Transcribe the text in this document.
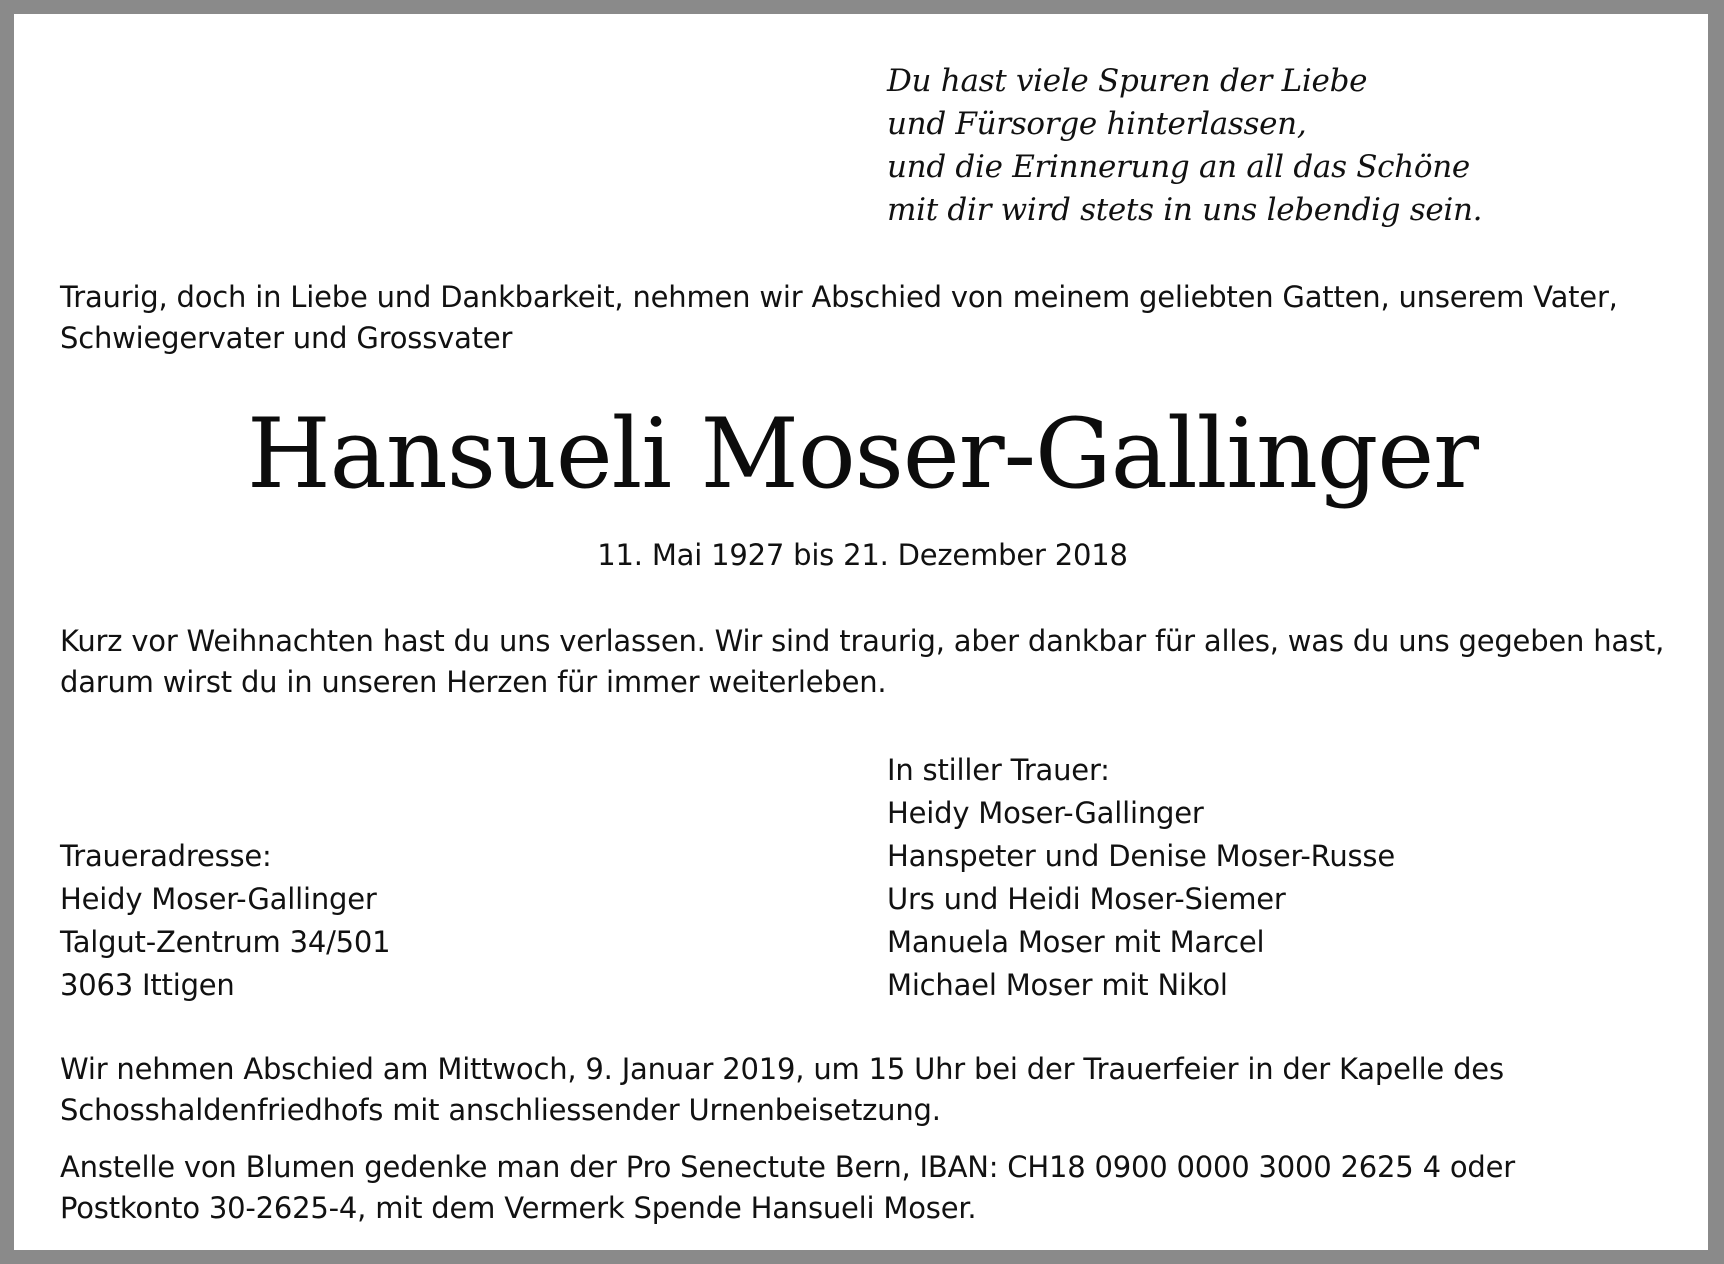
Du hast viele Spuren der Liebe
und Fürsorge hinterlassen,
und die Erinnerung an all das Schöne
mit dir wird stets in uns lebendig sein.
Traurig, doch in Liebe und Dankbarkeit, nehmen wir Abschied von meinem geliebten Gatten, unserem Vater,
Schwiegervater und Grossvater
Hansueli Moser-Gallinger
11. Mai 1927 bis 21. Dezember 2018
Kurz vor Weihnachten hast du uns verlassen. Wir sind traurig, aber dankbar für alles, was du uns gegeben hast,
darum wirst du in unseren Herzen für immer weiterleben.
In stiller Trauer:
Heidy Moser-Gallinger
Hanspeter und Denise Moser-Russe
Urs und Heidi Moser-Siemer
Manuela Moser mit Marcel
Michael Moser mit Nikol
Traueradresse:
Heidy Moser-Gallinger
Talgut-Zentrum 34/501
3063 Ittigen
Wir nehmen Abschied am Mittwoch, 9. Januar 2019, um 15 Uhr bei der Trauerfeier in der Kapelle des
Schosshaldenfriedhofs mit anschliessender Urnenbeisetzung.
Anstelle von Blumen gedenke man der Pro Senectute Bern, IBAN: CH18 0900 0000 3000 2625 4 oder
Postkonto 30-2625-4, mit dem Vermerk Spende Hansueli Moser.
